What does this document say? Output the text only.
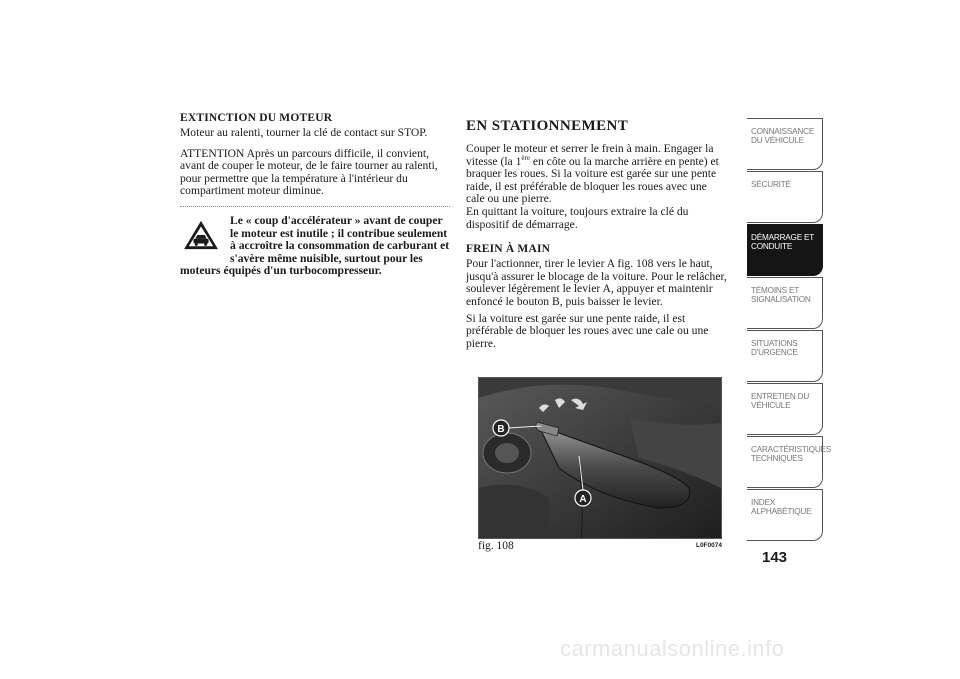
EXTINCTION DU MOTEUR

Moteur au ralenti, tourner la clé de contact sur STOP.

ATTENTION Après un parcours difficile, il convient, avant de couper le moteur, de le faire tourner au ralenti, pour permettre que la température à l'intérieur du compartiment moteur diminue.

Le « coup d'accélérateur » avant de couper le moteur est inutile ; il contribue seulement à accroître la consommation de carburant et s'avère même nuisible, surtout pour les moteurs équipés d'un turbocompresseur.
EN STATIONNEMENT

Couper le moteur et serrer le frein à main. Engager la vitesse (la 1ère en côte ou la marche arrière en pente) et braquer les roues. Si la voiture est garée sur une pente raide, il est préférable de bloquer les roues avec une cale ou une pierre.
En quittant la voiture, toujours extraire la clé du dispositif de démarrage.

FREIN À MAIN

Pour l'actionner, tirer le levier A fig. 108 vers le haut, jusqu'à assurer le blocage de la voiture. Pour le relâcher, soulever légèrement le levier A, appuyer et maintenir enfoncé le bouton B, puis baisser le levier.

Si la voiture est garée sur une pente raide, il est préférable de bloquer les roues avec une cale ou une pierre.

B
A
fig. 108	L0F0074
CONNAISSANCE DU VÉHICULE
SÉCURITÉ
DÉMARRAGE ET CONDUITE
TÉMOINS ET SIGNALISATION
SITUATIONS D'URGENCE
ENTRETIEN DU VÉHICULE
CARACTÉRISTIQUES TECHNIQUES
INDEX ALPHABÉTIQUE
143
carmanualsonline.info
